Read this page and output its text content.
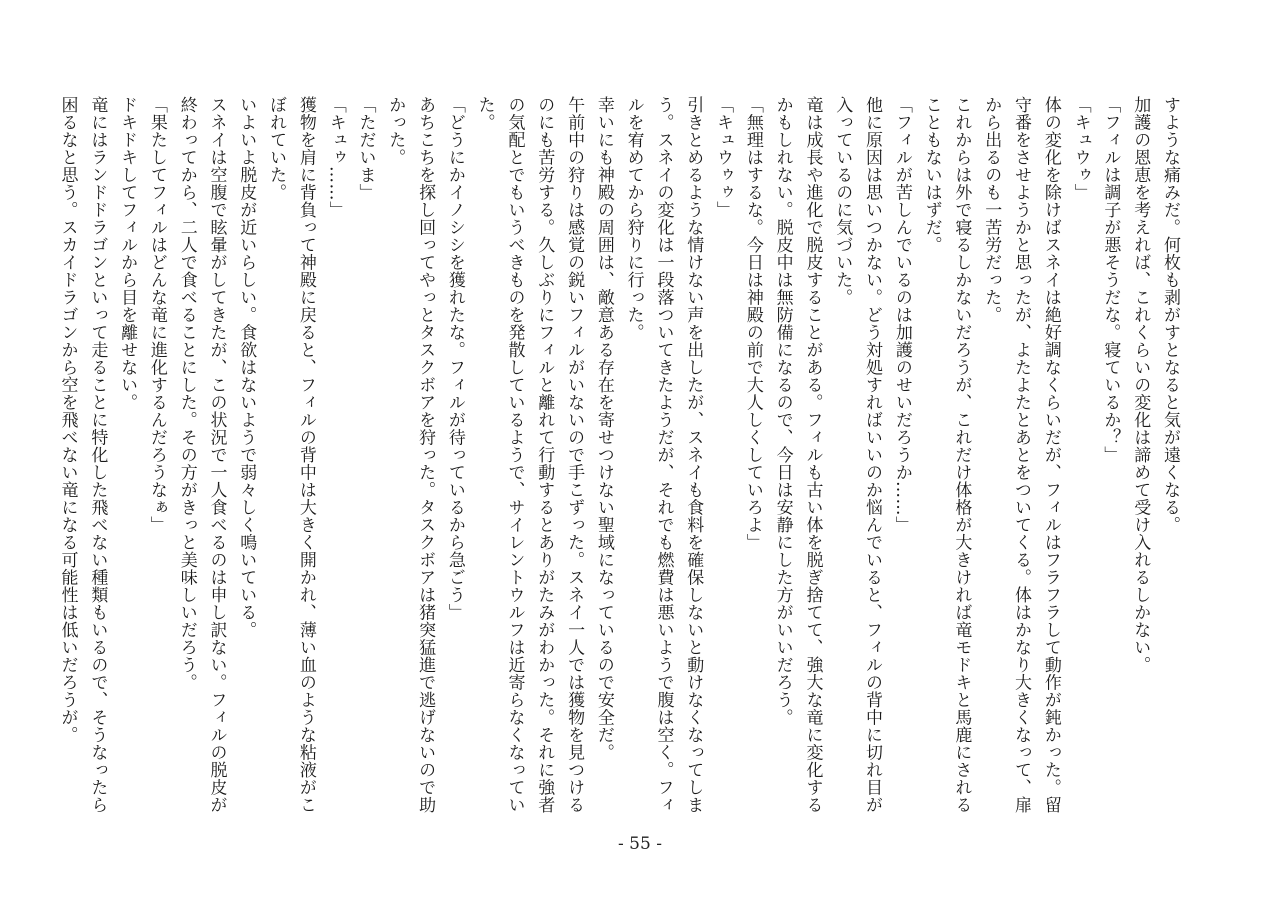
すような痛みだ。何枚も剥がすとなると気が遠くなる。

加護の恩恵を考えれば、これくらいの変化は諦めて受け入れるしかない。

「フィルは調子が悪そうだな。寝ているか？」

「キュウゥ」

体の変化を除けばスネイは絶好調なくらいだが、フィルはフラフラして動作が鈍かった。留守番をさせようかと思ったが、よたよたとあとをついてくる。体はかなり大きくなって、扉から出るのも一苦労だった。

これからは外で寝るしかないだろうが、これだけ体格が大きければ竜モドキと馬鹿にされることもないはずだ。

「フィルが苦しんでいるのは加護のせいだろうか……」

他に原因は思いつかない。どう対処すればいいのか悩んでいると、フィルの背中に切れ目が入っているのに気づいた。

竜は成長や進化で脱皮することがある。フィルも古い体を脱ぎ捨てて、強大な竜に変化するかもしれない。脱皮中は無防備になるので、今日は安静にした方がいいだろう。

「無理はするな。今日は神殿の前で大人しくしていろよ」

「キュウゥゥ」

引きとめるような情けない声を出したが、スネイも食料を確保しないと動けなくなってしまう。スネイの変化は一段落ついてきたようだが、それでも燃費は悪いようで腹は空く。フィルを宥めてから狩りに行った。

幸いにも神殿の周囲は、敵意ある存在を寄せつけない聖域になっているので安全だ。

午前中の狩りは感覚の鋭いフィルがいないので手こずった。スネイ一人では獲物を見つけるのにも苦労する。久しぶりにフィルと離れて行動するとありがたみがわかった。それに強者の気配とでもいうべきものを発散しているようで、サイレントウルフは近寄らなくなっていた。

「どうにかイノシシを獲れたな。フィルが待っているから急ごう」

あちこちを探し回ってやっとタスクボアを狩った。タスクボアは猪突猛進で逃げないので助かった。

「ただいま」

「キュゥ……」

獲物を肩に背負って神殿に戻ると、フィルの背中は大きく開かれ、薄い血のような粘液がこぼれていた。

いよいよ脱皮が近いらしい。食欲はないようで弱々しく鳴いている。

スネイは空腹で眩暈がしてきたが、この状況で一人食べるのは申し訳ない。フィルの脱皮が終わってから、二人で食べることにした。その方がきっと美味しいだろう。

「果たしてフィルはどんな竜に進化するんだろうなぁ」

ドキドキしてフィルから目を離せない。

竜にはランドドラゴンといって走ることに特化した飛べない種類もいるので、そうなったら困るなと思う。スカイドラゴンから空を飛べない竜になる可能性は低いだろうが。

- 55 -
